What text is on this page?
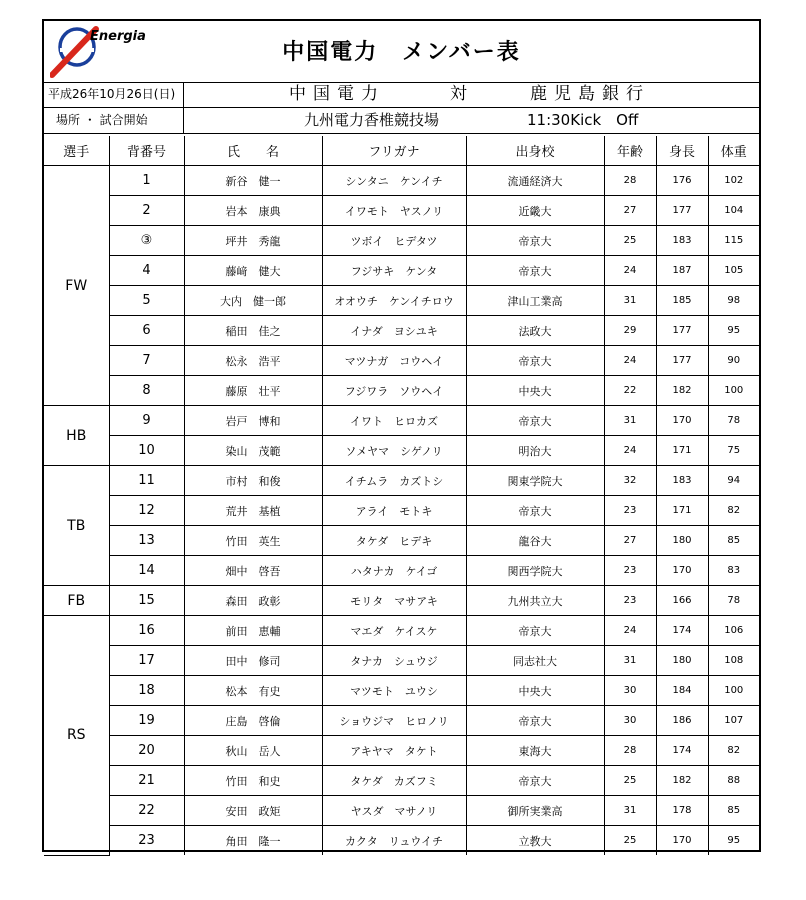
Energia
中国電力　メンバー表
平成26年10月26日(日)	中国電力	対	鹿児島銀行
場所 ・ 試合開始	九州電力香椎競技場	11:30Kick　Off
選手	背番号	氏　　名	フリガナ	出身校	年齢	身長	体重
FW	1	新谷　健一	シンタニ　ケンイチ	流通経済大	28	176	102
	2	岩本　康典	イワモト　ヤスノリ	近畿大	27	177	104
	③	坪井　秀龍	ツボイ　ヒデタツ	帝京大	25	183	115
	4	藤﨑　健大	フジサキ　ケンタ	帝京大	24	187	105
	5	大内　健一郎	オオウチ　ケンイチロウ	津山工業高	31	185	98
	6	稲田　佳之	イナダ　ヨシユキ	法政大	29	177	95
	7	松永　浩平	マツナガ　コウヘイ	帝京大	24	177	90
	8	藤原　壮平	フジワラ　ソウヘイ	中央大	22	182	100
HB	9	岩戸　博和	イワト　ヒロカズ	帝京大	31	170	78
	10	染山　茂範	ソメヤマ　シゲノリ	明治大	24	171	75
TB	11	市村　和俊	イチムラ　カズトシ	関東学院大	32	183	94
	12	荒井　基植	アライ　モトキ	帝京大	23	171	82
	13	竹田　英生	タケダ　ヒデキ	龍谷大	27	180	85
	14	畑中　啓吾	ハタナカ　ケイゴ	関西学院大	23	170	83
FB	15	森田　政彰	モリタ　マサアキ	九州共立大	23	166	78
RS	16	前田　恵輔	マエダ　ケイスケ	帝京大	24	174	106
	17	田中　修司	タナカ　シュウジ	同志社大	31	180	108
	18	松本　有史	マツモト　ユウシ	中央大	30	184	100
	19	庄島　啓倫	ショウジマ　ヒロノリ	帝京大	30	186	107
	20	秋山　岳人	アキヤマ　タケト	東海大	28	174	82
	21	竹田　和史	タケダ　カズフミ	帝京大	25	182	88
	22	安田　政矩	ヤスダ　マサノリ	御所実業高	31	178	85
	23	角田　隆一	カクタ　リュウイチ	立教大	25	170	95
